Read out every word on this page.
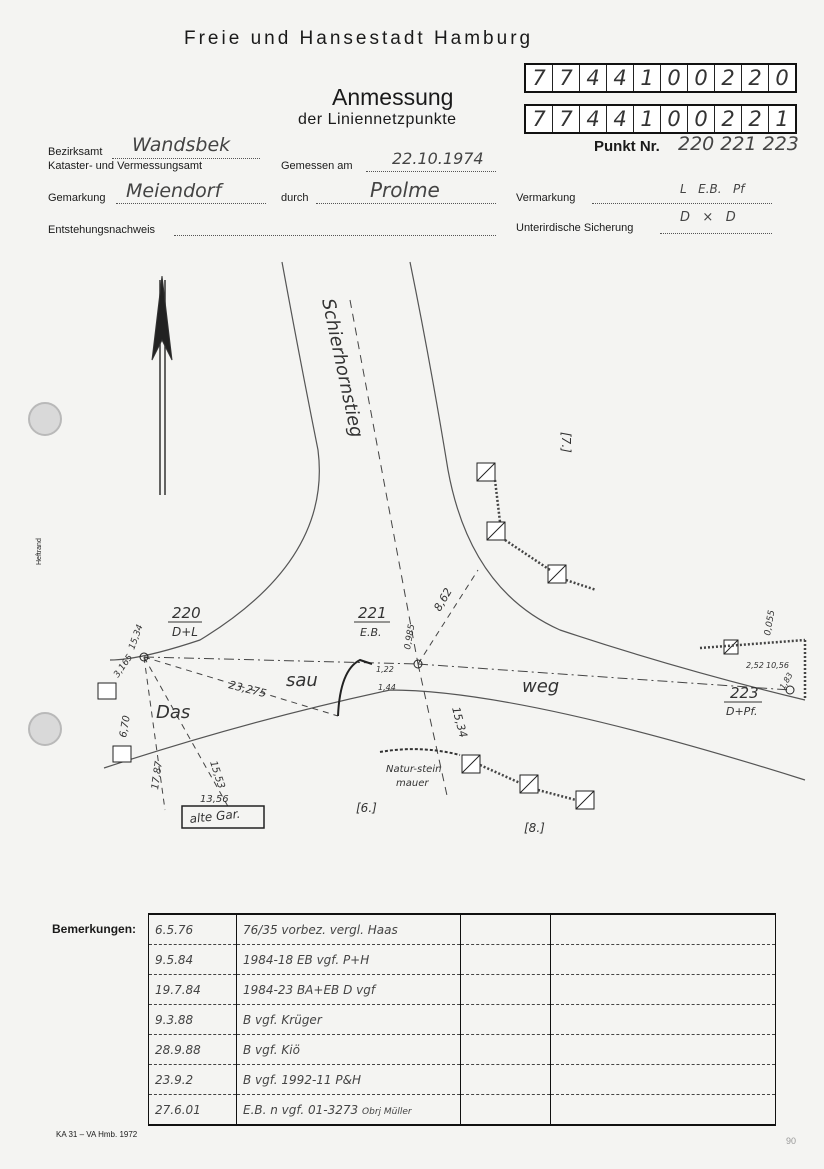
Freie und Hansestadt Hamburg
Anmessung
der Liniennetzpunkte
7 7 4 4 1 0 0 2 2 0
7 7 4 4 1 0 0 2 2 1
Punkt Nr. 220 221 223
Bezirksamt Wandsbek
Kataster- und Vermessungsamt	Gemessen am 22.10.1974
Gemarkung Meiendorf	durch	Prolme	Vermarkung
L   E.B.   Pf
Entstehungsnachweis	Unterirdische Sicherung
D   ×   D
Heftrand
Schierhornstieg
Das
sau	weg
220
D+L
221
E.B.
223
D+Pf.
23,275
3,165
15,34
6,70
17,87	15,53
13,56
0,985
8,62
15,34
0,055
2,52 10,56
1,83
1,44
1,22
alte Gar.
Natur-stein
mauer
[7.]
[6.]
[8.]
Bemerkungen: 6.5.76	76/35 vorbez. vergl. Haas		
9.5.84	1984-18 EB vgf. P+H		
19.7.84	1984-23 BA+EB D vgf		
9.3.88	B vgf. Krüger		
28.9.88	B vgf. Kiö		
23.9.2	B vgf. 1992-11 P&H		
27.6.01	E.B. n vgf. 01-3273 Obrj Müller		
KA 31 – VA Hmb. 1972
90
